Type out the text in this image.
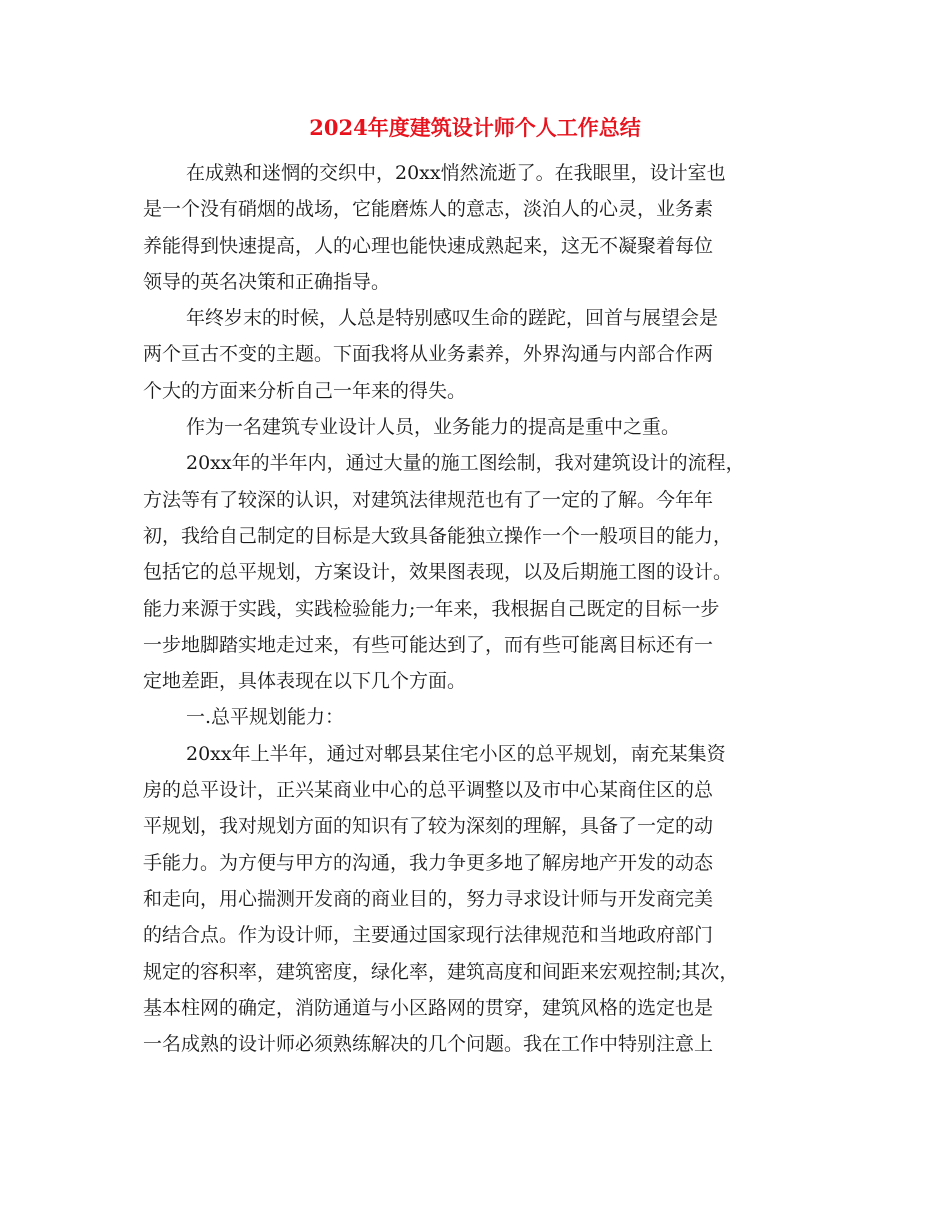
2024年度建筑设计师个人工作总结
在成熟和迷惘的交织中，20xx悄然流逝了。在我眼里，设计室也
是一个没有硝烟的战场，它能磨炼人的意志，淡泊人的心灵，业务素
养能得到快速提高，人的心理也能快速成熟起来，这无不凝聚着每位
领导的英名决策和正确指导。
年终岁末的时候，人总是特别感叹生命的蹉跎，回首与展望会是
两个亘古不变的主题。下面我将从业务素养，外界沟通与内部合作两
个大的方面来分析自己一年来的得失。
作为一名建筑专业设计人员，业务能力的提高是重中之重。
20xx年的半年内，通过大量的施工图绘制，我对建筑设计的流程，
方法等有了较深的认识，对建筑法律规范也有了一定的了解。今年年
初，我给自己制定的目标是大致具备能独立操作一个一般项目的能力，
包括它的总平规划，方案设计，效果图表现，以及后期施工图的设计。
能力来源于实践，实践检验能力;一年来，我根据自己既定的目标一步
一步地脚踏实地走过来，有些可能达到了，而有些可能离目标还有一
定地差距，具体表现在以下几个方面。
一.总平规划能力：
20xx年上半年，通过对郫县某住宅小区的总平规划，南充某集资
房的总平设计，正兴某商业中心的总平调整以及市中心某商住区的总
平规划，我对规划方面的知识有了较为深刻的理解，具备了一定的动
手能力。为方便与甲方的沟通，我力争更多地了解房地产开发的动态
和走向，用心揣测开发商的商业目的，努力寻求设计师与开发商完美
的结合点。作为设计师，主要通过国家现行法律规范和当地政府部门
规定的容积率，建筑密度，绿化率，建筑高度和间距来宏观控制;其次，
基本柱网的确定，消防通道与小区路网的贯穿，建筑风格的选定也是
一名成熟的设计师必须熟练解决的几个问题。我在工作中特别注意上
